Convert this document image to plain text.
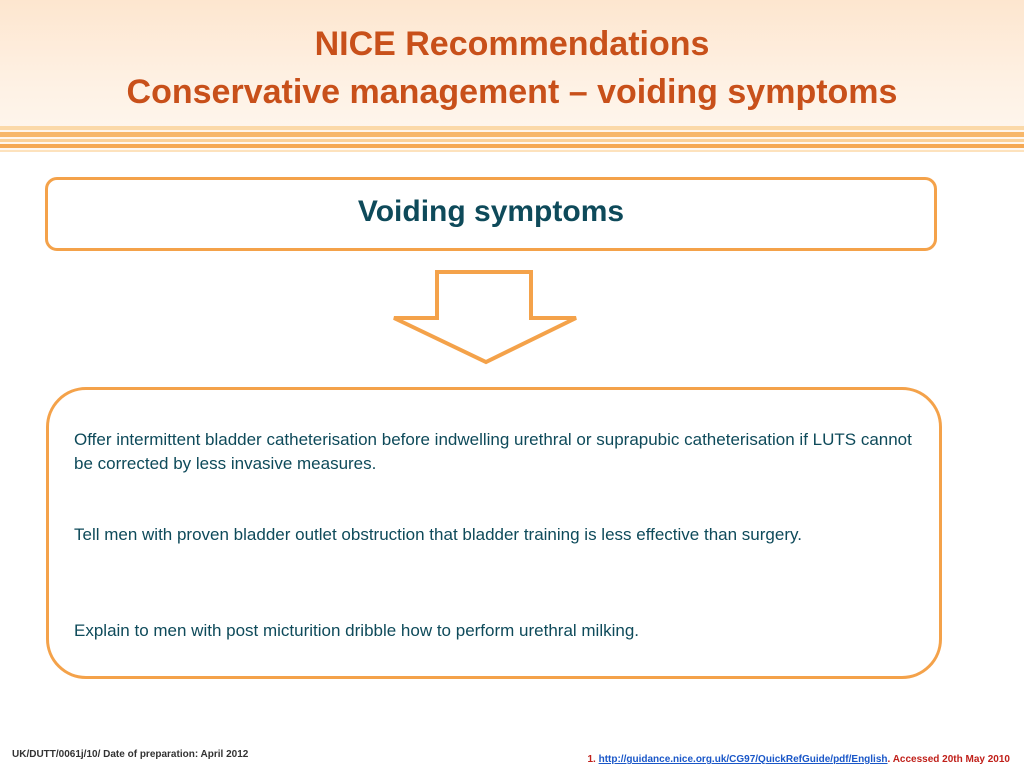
NICE Recommendations
Conservative management – voiding symptoms
Voiding symptoms

Offer intermittent bladder catheterisation before indwelling urethral or suprapubic catheterisation if LUTS cannot be corrected by less invasive measures.

Tell men with proven bladder outlet obstruction that bladder training is less effective than surgery.

Explain to men with post micturition dribble how to perform urethral milking.

UK/DUTT/0061j/10/ Date of preparation: April 2012	1. http://guidance.nice.org.uk/CG97/QuickRefGuide/pdf/English. Accessed 20th May 2010
